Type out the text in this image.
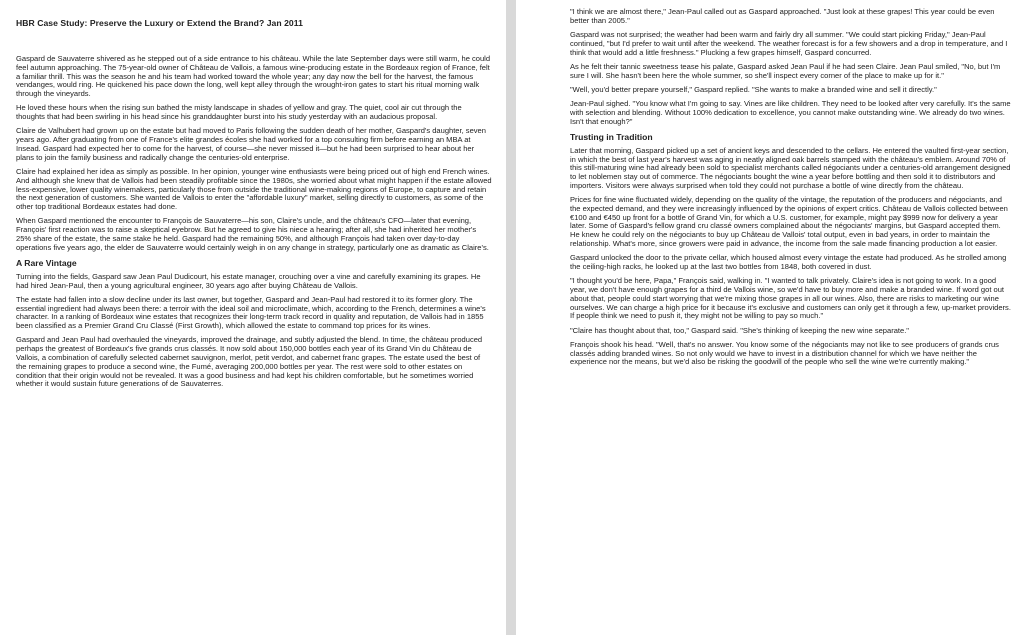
HBR Case Study: Preserve the Luxury or Extend the Brand? Jan 2011
Gaspard de Sauvaterre shivered as he stepped out of a side entrance to his château. While the late September days were still warm, he could feel autumn approaching. The 75-year-old owner of Château de Vallois, a famous wine-producing estate in the Bordeaux region of France, felt a familiar thrill. This was the season he and his team had worked toward the whole year; any day now the bell for the harvest, the famous vendanges, would ring. He quickened his pace down the long, well kept alley through the wrought-iron gates to start his ritual morning walk through the vineyards.
He loved these hours when the rising sun bathed the misty landscape in shades of yellow and gray. The quiet, cool air cut through the thoughts that had been swirling in his head since his granddaughter burst into his study yesterday with an audacious proposal.
Claire de Valhubert had grown up on the estate but had moved to Paris following the sudden death of her mother, Gaspard's daughter, seven years ago. After graduating from one of France's elite grandes écoles she had worked for a top consulting firm before earning an MBA at Insead. Gaspard had expected her to come for the harvest, of course—she never missed it—but he had been surprised to hear about her plans to join the family business and radically change the centuries-old enterprise.
Claire had explained her idea as simply as possible. In her opinion, younger wine enthusiasts were being priced out of high end French wines. And although she knew that de Vallois had been steadily profitable since the 1980s, she worried about what might happen if the estate allowed less-expensive, lower quality winemakers, particularly those from outside the traditional wine-making regions of Europe, to capture and retain the next generation of customers. She wanted de Vallois to enter the "affordable luxury" market, selling directly to customers, as some of the other top traditional Bordeaux estates had done.
When Gaspard mentioned the encounter to François de Sauvaterre—his son, Claire's uncle, and the château's CFO—later that evening, François' first reaction was to raise a skeptical eyebrow. But he agreed to give his niece a hearing; after all, she had inherited her mother's 25% share of the estate, the same stake he held. Gaspard had the remaining 50%, and although François had taken over day-to-day operations five years ago, the elder de Sauvaterre would certainly weigh in on any change in strategy, particularly one as dramatic as Claire's.
A Rare Vintage
Turning into the fields, Gaspard saw Jean Paul Dudicourt, his estate manager, crouching over a vine and carefully examining its grapes. He had hired Jean-Paul, then a young agricultural engineer, 30 years ago after buying Château de Vallois.
The estate had fallen into a slow decline under its last owner, but together, Gaspard and Jean-Paul had restored it to its former glory. The essential ingredient had always been there: a terroir with the ideal soil and microclimate, which, according to the French, determines a wine's character. In a ranking of Bordeaux wine estates that recognizes their long-term track record in quality and reputation, de Vallois had in 1855 been classified as a Premier Grand Cru Classé (First Growth), which allowed the estate to command top prices for its wines.
Gaspard and Jean Paul had overhauled the vineyards, improved the drainage, and subtly adjusted the blend. In time, the château produced perhaps the greatest of Bordeaux's five grands crus classés. It now sold about 150,000 bottles each year of its Grand Vin du Château de Vallois, a combination of carefully selected cabernet sauvignon, merlot, petit verdot, and cabernet franc grapes. The estate used the best of the remaining grapes to produce a second wine, the Fumé, averaging 200,000 bottles per year. The rest were sold to other estates on condition that their origin would not be revealed. It was a good business and had kept his children comfortable, but he sometimes worried whether it would sustain future generations of de Sauvaterres.
"I think we are almost there," Jean-Paul called out as Gaspard approached. "Just look at these grapes! This year could be even better than 2005."
Gaspard was not surprised; the weather had been warm and fairly dry all summer. "We could start picking Friday," Jean-Paul continued, "but I'd prefer to wait until after the weekend. The weather forecast is for a few showers and a drop in temperature, and I think that would add a little freshness." Plucking a few grapes himself, Gaspard concurred.
As he felt their tannic sweetness tease his palate, Gaspard asked Jean Paul if he had seen Claire. Jean Paul smiled, "No, but I'm sure I will. She hasn't been here the whole summer, so she'll inspect every corner of the place to make up for it."
"Well, you'd better prepare yourself," Gaspard replied. "She wants to make a branded wine and sell it directly."
Jean-Paul sighed. "You know what I'm going to say. Vines are like children. They need to be looked after very carefully. It's the same with selection and blending. Without 100% dedication to excellence, you cannot make outstanding wine. We already do two wines. Isn't that enough?"
Trusting in Tradition
Later that morning, Gaspard picked up a set of ancient keys and descended to the cellars. He entered the vaulted first-year section, in which the best of last year's harvest was aging in neatly aligned oak barrels stamped with the château's emblem. Around 70% of this still-maturing wine had already been sold to specialist merchants called négociants under a centuries-old arrangement designed to let noblemen stay out of commerce. The négociants bought the wine a year before bottling and then sold it to distributors and importers. Visitors were always surprised when told they could not purchase a bottle of wine directly from the château.
Prices for fine wine fluctuated widely, depending on the quality of the vintage, the reputation of the producers and négociants, and the expected demand, and they were increasingly influenced by the opinions of expert critics. Château de Vallois collected between €100 and €450 up front for a bottle of Grand Vin, for which a U.S. customer, for example, might pay $999 now for delivery a year later. Some of Gaspard's fellow grand cru classé owners complained about the négociants' margins, but Gaspard accepted them. He knew he could rely on the négociants to buy up Château de Vallois' total output, even in bad years, in order to maintain the relationship. What's more, since growers were paid in advance, the income from the sale made financing production a lot easier.
Gaspard unlocked the door to the private cellar, which housed almost every vintage the estate had produced. As he strolled among the ceiling-high racks, he looked up at the last two bottles from 1848, both covered in dust.
"I thought you'd be here, Papa," François said, walking in. "I wanted to talk privately. Claire's idea is not going to work. In a good year, we don't have enough grapes for a third de Vallois wine, so we'd have to buy more and make a branded wine. If word got out about that, people could start worrying that we're mixing those grapes in all our wines. Also, there are risks to marketing our wine ourselves. We can charge a high price for it because it's exclusive and customers can only get it through a few, up-market providers. If people think we need to push it, they might not be willing to pay so much."
"Claire has thought about that, too," Gaspard said. "She's thinking of keeping the new wine separate."
François shook his head. "Well, that's no answer. You know some of the négociants may not like to see producers of grands crus classés adding branded wines. So not only would we have to invest in a distribution channel for which we have neither the experience nor the means, but we'd also be risking the goodwill of the people who sell the wine we're currently making."
